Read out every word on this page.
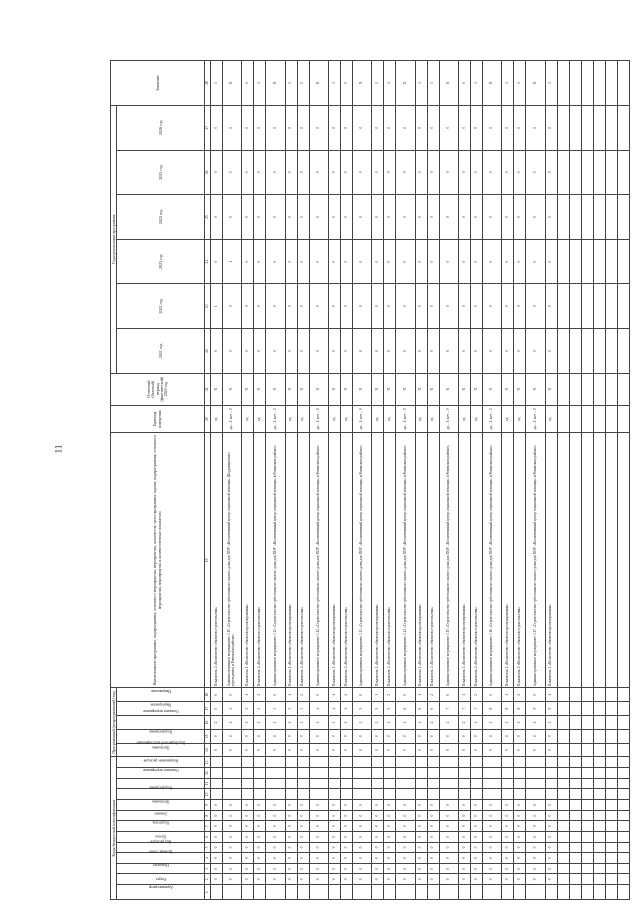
11
Коды бюджетной классификации													Программный (непрограммный) вид					Наименование программы, подпрограммы, основного мероприятия, мероприятия, показателя, цели программы, задачи, подпрограммы, основного мероприятия, мероприятия и количественные показатели	Единица измерения	Отчетный (базовый) период (фактический) 2020 год	Годы реализации программы						Значение
Администратор	Раздел	Подраздел	Целевая статья	Вид расходов	Группа	Подгруппа	Элемент	Программа	Подпрограмма	Основное мероприятие	Направление расходов	Код бюджетной классификации	Программа	Подпрограмма	Основное мероприятие	Мероприятие	Направление				2021 год	2022 год	2023 год	2024 год	2025 год	2026 год	
1	2	3	4	5	6	7	8	9	10	11	12	13	14	15	16	17	18	19	20	21	22	23	24	25	26	27	28
	0	0	0	0	0	0	0	0					0	0	2	0	0	Показатель 2 «Количество объектов строительства»	ед.	X	0	1	0	0	0	0	1
	0	0	0	0	0	0	0	0					0	0	2	2	0	Административное мероприятие 3.10 «Строительство трёхэтажного жилого дома для ПОУ «Коллективный центр социальной помощи» (Коррекционное учреждение) в Ровенском районе»	да – 1/ нет – 0	X	0	0	1	0	0	0	X
	0	0	0	0	0	0	0	0					0	0	2	2	1	Показатель 1 «Количество объектов проектирования»	ед.	X	0	0	0	0	0	0	0
	0	0	0	0	0	0	0	0					0	0	2	2	2	Показатель 2 «Количество объектов строительства»	ед.	X	0	0	0	0	0	0	1
	0	0	0	0	0	0	0	0					0	0	2	3	0	Административное мероприятие 3.11 «Строительство трёхэтажного жилого дома для ПОУ «Коллективный центр социальной помощи» в Ровенском районе»	да – 1/ нет – 0	X	0	0	0	0	0	0	X
	0	0	0	0	0	0	0	0					0	0	2	3	1	Показатель 1 «Количество объектов проектирования»	ед.	X	0	0	0	0	0	0	1
	0	0	0	0	0	0	0	0					0	0	2	3	2	Показатель 2 «Количество объектов строительства»	ед.	X	0	0	0	0	0	0	0
	0	0	0	0	0	0	0	0					0	0	2	4	0	Административное мероприятие 3.12 «Строительство трёхэтажного жилого дома для ПОУ «Коллективный центр социальной помощи» в Ровенском районе»	да – 1/ нет – 0	X	0	0	0	0	0	0	X
	0	0	0	0	0	0	0	0					0	0	2	4	1	Показатель 1 «Количество объектов проектирования»	ед.	X	0	0	0	0	0	0	1
	0	0	0	0	0	0	0	0					0	0	2	4	2	Показатель 2 «Количество объектов строительства»	ед.	X	0	0	0	0	0	0	0
	0	0	0	0	0	0	0	0					0	0	2	5	0	Административное мероприятие 3.13 «Строительство трёхэтажного жилого дома для ПОУ «Коллективный центр социальной помощи» в Ровенском районе»	да – 1/ нет – 0	X	0	0	0	0	0	0	X
	0	0	0	0	0	0	0	0					0	0	2	5	1	Показатель 1 «Количество объектов проектирования»	ед.	X	0	0	0	0	0	0	1
	0	0	0	0	0	0	0	0					0	0	2	5	2	Показатель 2 «Количество объектов строительства»	ед.	X	0	0	0	0	0	0	1
	0	0	0	0	0	0	0	0					0	0	2	6	0	Административное мероприятие 3.14 «Строительство трёхэтажного жилого дома для ПОУ «Коллективный центр социальной помощи» в Ровенском районе»	да – 1/ нет – 0	X	0	0	0	0	0	0	X
	0	0	0	0	0	0	0	0					0	0	2	6	1	Показатель 1 «Количество объектов проектирования»	ед.	X	0	0	0	0	0	0	1
	0	0	0	0	0	0	0	0					0	0	2	6	2	Показатель 2 «Количество объектов строительства»	ед.	X	0	0	0	0	0	0	1
	0	0	0	0	0	0	0	0					0	0	2	7	0	Административное мероприятие 3.15 «Строительство трёхэтажного жилого дома для ПОУ «Коллективный центр социальной помощи» в Ровенском районе»	да – 1/ нет – 0	X	0	0	0	0	0	0	X
	0	0	0	0	0	0	0	0					0	0	2	7	1	Показатель 1 «Количество объектов проектирования»	ед.	X	0	0	0	0	0	0	0
	0	0	0	0	0	0	0	0					0	0	2	7	2	Показатель 2 «Количество объектов строительства»	ед.	X	0	0	0	0	0	0	1
	0	0	0	0	0	0	0	0					0	0	2	8	0	Административное мероприятие 3.16 «Строительство трёхэтажного жилого дома для ПОУ «Коллективный центр социальной помощи» в Ровенском районе»	да – 1/ нет – 0	X	0	0	0	0	0	0	X
	0	0	0	0	0	0	0	0					0	0	2	8	1	Показатель 1 «Количество объектов проектирования»	ед.	X	0	0	0	0	0	0	1
	0	0	0	0	0	0	0	0					0	0	2	8	2	Показатель 2 «Количество объектов строительства»	ед.	X	0	0	0	0	0	0	1
	0	0	0	0	0	0	0	0					0	0	2	9	0	Административное мероприятие 3.17 «Строительство трёхэтажного жилого дома для ПОУ «Коллективный центр социальной помощи» в Ровенском районе»	да – 1/ нет – 0	X	0	0	0	0	0	0	X
	0	0	0	0	0	0	0	0					0	0	2	9	1	Показатель 1 «Количество объектов проектирования»	ед.	X	0	0	0	0	0	0	1
